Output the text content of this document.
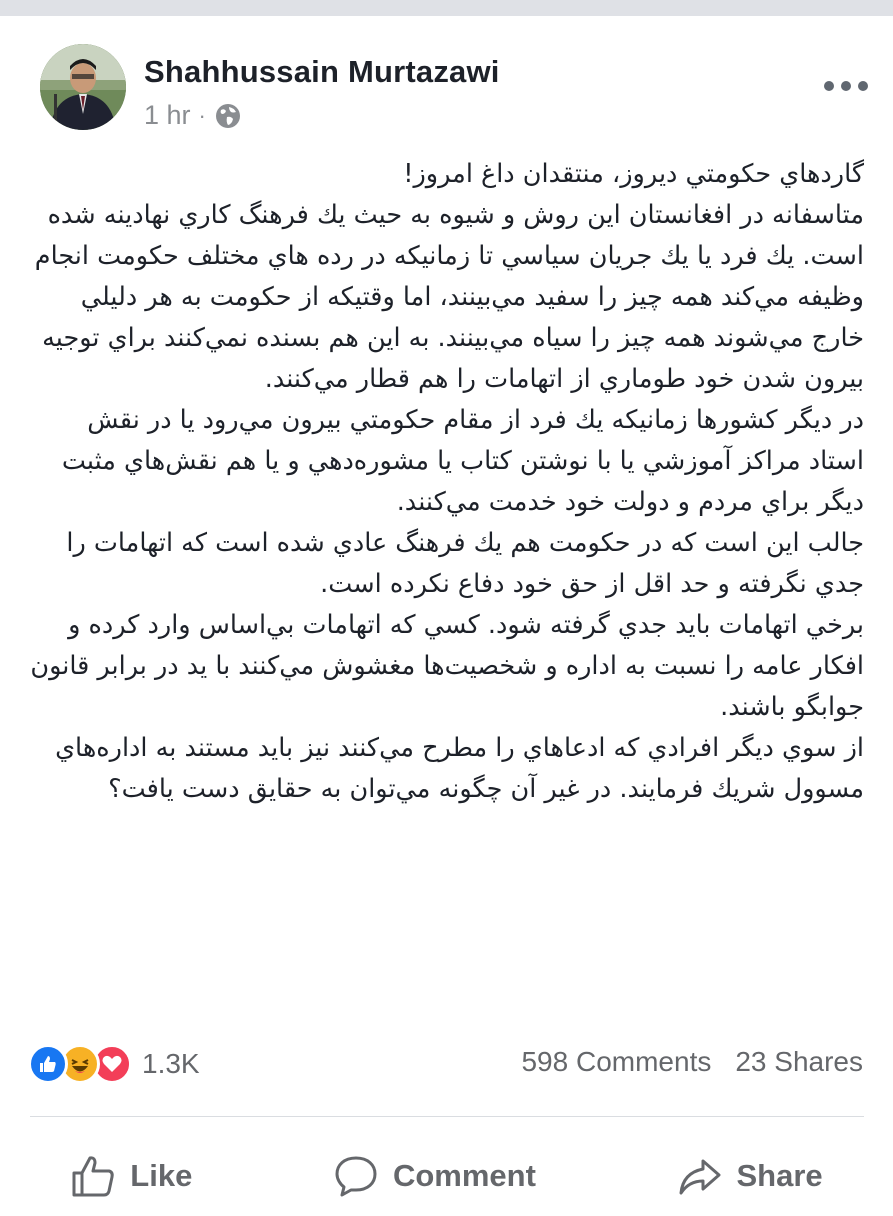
Shahhussain Murtazawi
1 hr ·

گاردهاي حکومتي ديروز، منتقدان داغ امروز!

متاسفانه در افغانستان اين روش و شيوه به حيث يك فرهنگ کاري نهادينه شده است. يك فرد يا يك جريان سياسي تا زمانيکه در رده هاي مختلف حکومت انجام وظيفه مي‌کند همه چيز را سفيد مي‌بينند، اما وقتيکه از حکومت به هر دليلي خارج مي‌شوند همه چيز را سياه مي‌بينند. به اين هم بسنده نمي‌کنند براي توجيه بيرون شدن خود طوماري از اتهامات را هم قطار مي‌کنند.

در ديگر کشورها زمانيکه يك فرد از مقام حکومتي بيرون مي‌رود يا در نقش استاد مراکز آموزشي يا با نوشتن کتاب يا مشوره‌دهي و يا هم نقش‌هاي مثبت ديگر براي مردم و دولت خود خدمت مي‌کنند.

جالب اين است که در حکومت هم يك فرهنگ عادي شده است که اتهامات را جدي نگرفته و حد اقل از حق خود دفاع نکرده است.

برخي اتهامات بايد جدي گرفته شود. کسي که اتهامات بي‌اساس وارد کرده و افکار عامه را نسبت به اداره و شخصيت‌ها مغشوش مي‌کنند با يد در برابر قانون جوابگو باشند.

از سوي ديگر افرادي که ادعاهاي را مطرح مي‌کنند نيز بايد مستند به اداره‌هاي مسوول شريك فرمايند. در غير آن چگونه مي‌توان به حقايق دست يافت؟

1.3K	598 Comments 23 Shares
Like	Comment	Share
